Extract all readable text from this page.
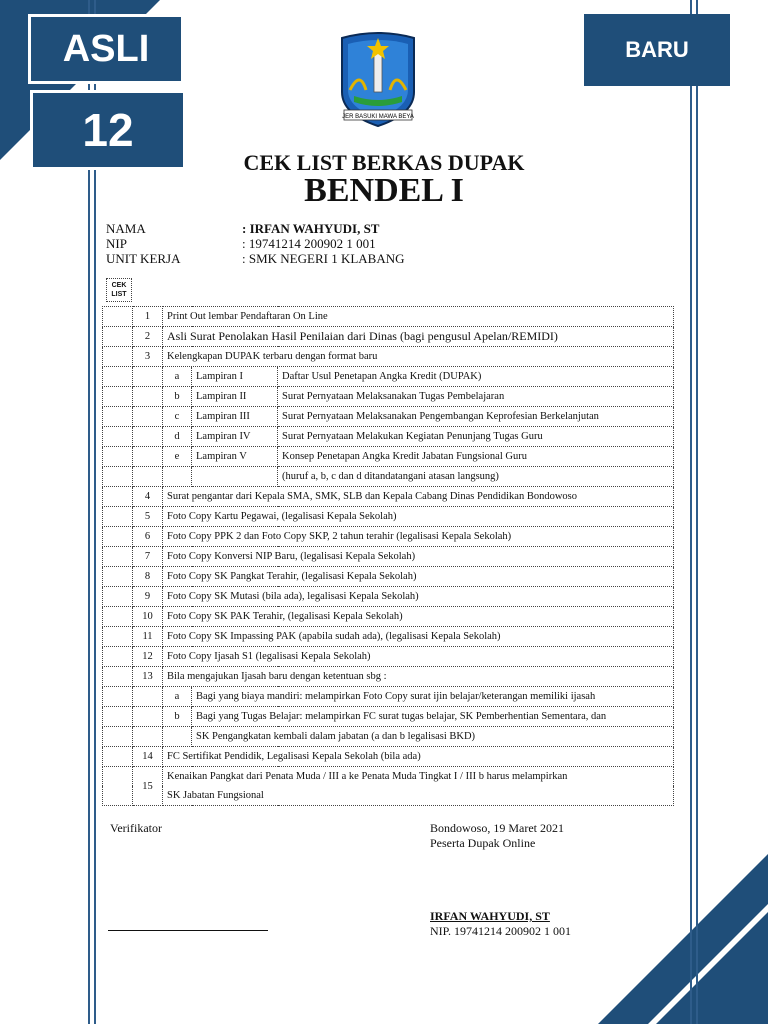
ASLI
12
BARU
JER BASUKI MAWA BEYA
CEK LIST BERKAS DUPAK
BENDEL I
NAMA	: IRFAN WAHYUDI, ST
NIP	: 19741214 200902 1 001
UNIT KERJA	: SMK NEGERI 1 KLABANG
CEK LIST
	1	Print Out lembar Pendaftaran On Line		
	2	Asli Surat Penolakan Hasil Penilaian dari Dinas (bagi pengusul Apelan/REMIDI)		
	3	Kelengkapan DUPAK terbaru dengan format baru		
		a	Lampiran I	Daftar Usul Penetapan Angka Kredit (DUPAK)
		b	Lampiran II	Surat Pernyataan Melaksanakan Tugas Pembelajaran
		c	Lampiran III	Surat Pernyataan Melaksanakan Pengembangan Keprofesian Berkelanjutan
		d	Lampiran IV	Surat Pernyataan Melakukan Kegiatan Penunjang Tugas Guru
		e	Lampiran V	Konsep Penetapan Angka Kredit Jabatan Fungsional Guru
				(huruf a, b, c dan d ditandatangani atasan langsung)
	4	Surat pengantar dari Kepala SMA, SMK, SLB dan Kepala Cabang Dinas Pendidikan Bondowoso		
	5	Foto Copy Kartu Pegawai, (legalisasi Kepala Sekolah)		
	6	Foto Copy PPK 2 dan Foto Copy SKP, 2 tahun terahir (legalisasi Kepala Sekolah)		
	7	Foto Copy Konversi NIP Baru, (legalisasi Kepala Sekolah)		
	8	Foto Copy SK Pangkat Terahir, (legalisasi Kepala Sekolah)		
	9	Foto Copy SK Mutasi (bila ada), legalisasi Kepala Sekolah)		
	10	Foto Copy SK PAK Terahir, (legalisasi Kepala Sekolah)		
	11	Foto Copy SK Impassing PAK (apabila sudah ada), (legalisasi Kepala Sekolah)		
	12	Foto Copy Ijasah S1 (legalisasi Kepala Sekolah)		
	13	Bila mengajukan Ijasah baru dengan ketentuan sbg :		
		a	Bagi yang biaya mandiri: melampirkan Foto Copy surat ijin belajar/keterangan memiliki ijasah	
		b	Bagi yang Tugas Belajar: melampirkan FC surat tugas belajar, SK Pemberhentian Sementara, dan	
			SK Pengangkatan kembali dalam jabatan (a dan b legalisasi BKD)	
	14	FC Sertifikat Pendidik, Legalisasi Kepala Sekolah (bila ada)		
	15	Kenaikan Pangkat dari Penata Muda / III a ke Penata Muda Tingkat I / III b harus melampirkan		
		SK Jabatan Fungsional		
Verifikator	Bondowoso, 19 Maret 2021
Peserta Dupak Online
IRFAN WAHYUDI, ST
NIP. 19741214 200902 1 001
